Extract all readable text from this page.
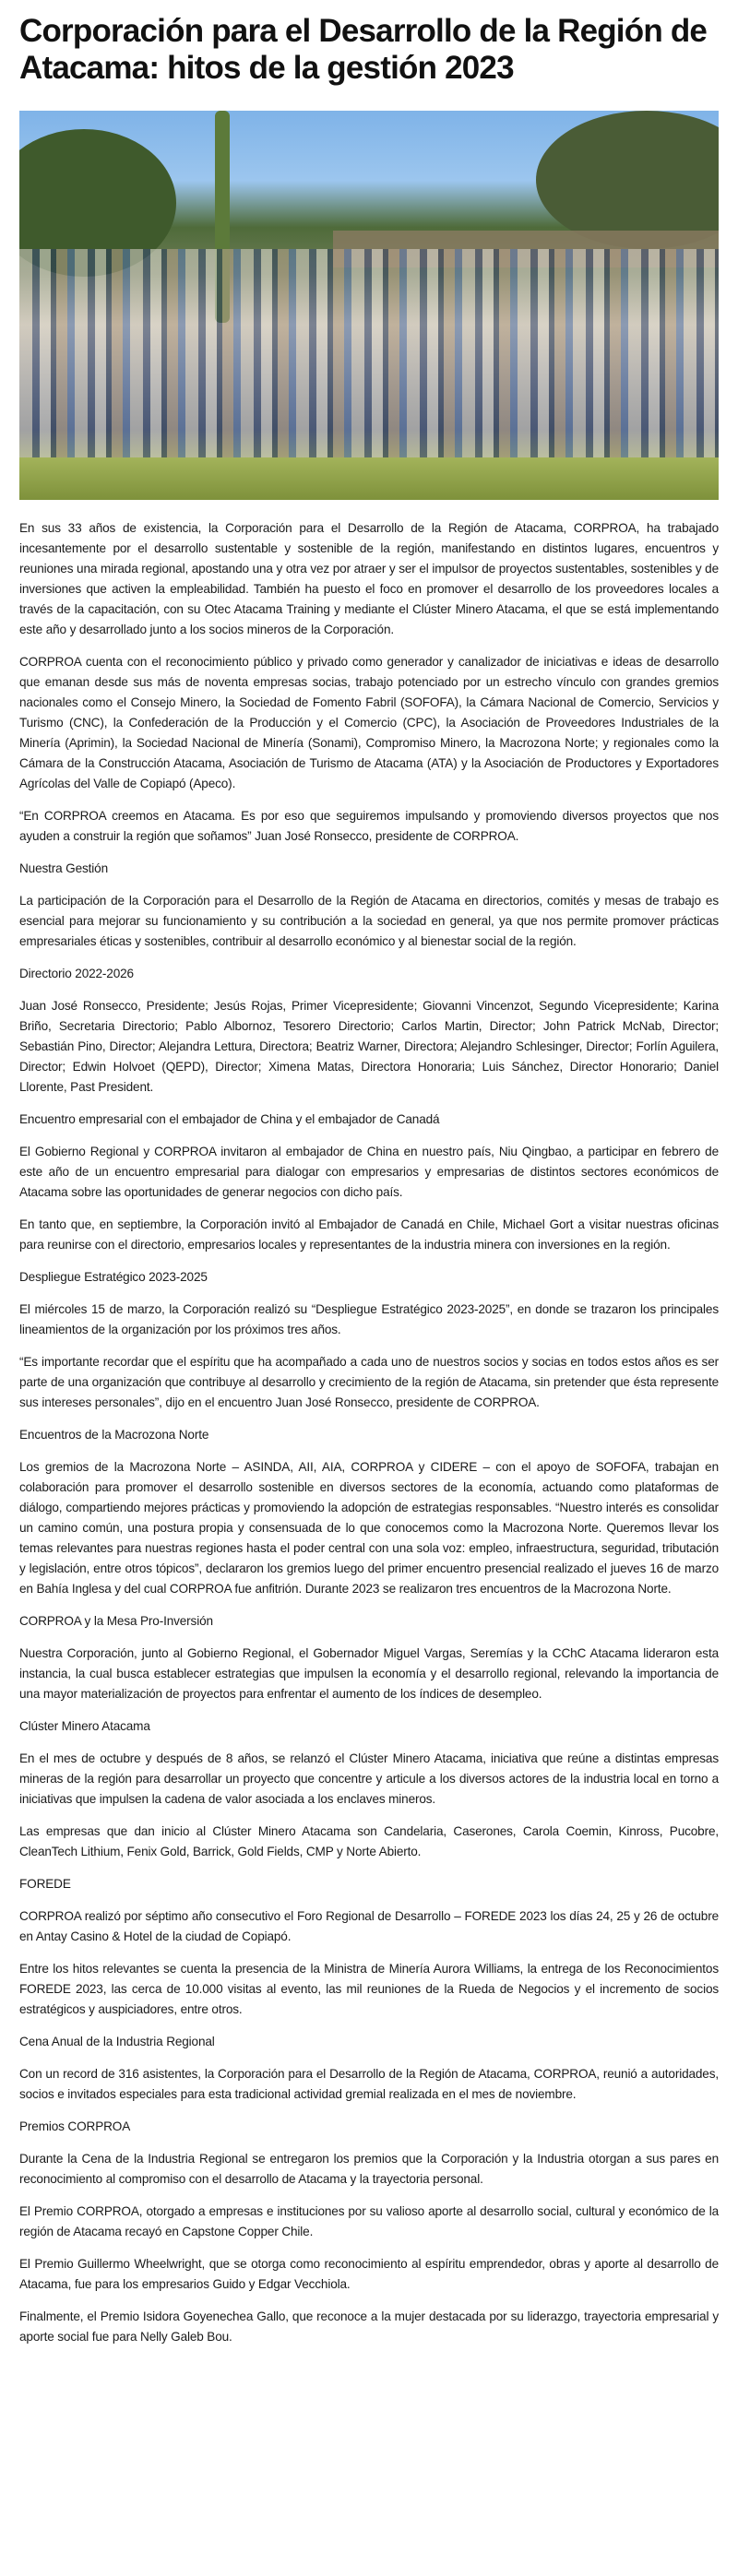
Corporación para el Desarrollo de la Región de Atacama: hitos de la gestión 2023

En sus 33 años de existencia, la Corporación para el Desarrollo de la Región de Atacama, CORPROA, ha trabajado incesantemente por el desarrollo sustentable y sostenible de la región, manifestando en distintos lugares, encuentros y reuniones una mirada regional, apostando una y otra vez por atraer y ser el impulsor de proyectos sustentables, sostenibles y de inversiones que activen la empleabilidad. También ha puesto el foco en promover el desarrollo de los proveedores locales a través de la capacitación, con su Otec Atacama Training y mediante el Clúster Minero Atacama, el que se está implementando este año y desarrollado junto a los socios mineros de la Corporación.

CORPROA cuenta con el reconocimiento público y privado como generador y canalizador de iniciativas e ideas de desarrollo que emanan desde sus más de noventa empresas socias, trabajo potenciado por un estrecho vínculo con grandes gremios nacionales como el Consejo Minero, la Sociedad de Fomento Fabril (SOFOFA), la Cámara Nacional de Comercio, Servicios y Turismo (CNC), la Confederación de la Producción y el Comercio (CPC), la Asociación de Proveedores Industriales de la Minería (Aprimin), la Sociedad Nacional de Minería (Sonami), Compromiso Minero, la Macrozona Norte; y regionales como la Cámara de la Construcción Atacama, Asociación de Turismo de Atacama (ATA) y la Asociación de Productores y Exportadores Agrícolas del Valle de Copiapó (Apeco).

“En CORPROA creemos en Atacama. Es por eso que seguiremos impulsando y promoviendo diversos proyectos que nos ayuden a construir la región que soñamos” Juan José Ronsecco, presidente de CORPROA.

Nuestra Gestión

La participación de la Corporación para el Desarrollo de la Región de Atacama en directorios, comités y mesas de trabajo es esencial para mejorar su funcionamiento y su contribución a la sociedad en general, ya que nos permite promover prácticas empresariales éticas y sostenibles, contribuir al desarrollo económico y al bienestar social de la región.

Directorio 2022-2026

Juan José Ronsecco, Presidente; Jesús Rojas, Primer Vicepresidente; Giovanni Vincenzot, Segundo Vicepresidente; Karina Briño, Secretaria Directorio; Pablo Albornoz, Tesorero Directorio; Carlos Martin, Director; John Patrick McNab, Director; Sebastián Pino, Director; Alejandra Lettura, Directora; Beatriz Warner, Directora; Alejandro Schlesinger, Director; Forlín Aguilera, Director; Edwin Holvoet (QEPD), Director; Ximena Matas, Directora Honoraria; Luis Sánchez, Director Honorario; Daniel Llorente, Past President.

Encuentro empresarial con el embajador de China y el embajador de Canadá

El Gobierno Regional y CORPROA invitaron al embajador de China en nuestro país, Niu Qingbao, a participar en febrero de este año de un encuentro empresarial para dialogar con empresarios y empresarias de distintos sectores económicos de Atacama sobre las oportunidades de generar negocios con dicho país.

En tanto que, en septiembre, la Corporación invitó al Embajador de Canadá en Chile, Michael Gort a visitar nuestras oficinas para reunirse con el directorio, empresarios locales y representantes de la industria minera con inversiones en la región.

Despliegue Estratégico 2023-2025

El miércoles 15 de marzo, la Corporación realizó su “Despliegue Estratégico 2023-2025”, en donde se trazaron los principales lineamientos de la organización por los próximos tres años.

“Es importante recordar que el espíritu que ha acompañado a cada uno de nuestros socios y socias en todos estos años es ser parte de una organización que contribuye al desarrollo y crecimiento de la región de Atacama, sin pretender que ésta represente sus intereses personales”, dijo en el encuentro Juan José Ronsecco, presidente de CORPROA.

Encuentros de la Macrozona Norte

Los gremios de la Macrozona Norte – ASINDA, AII, AIA, CORPROA y CIDERE – con el apoyo de SOFOFA, trabajan en colaboración para promover el desarrollo sostenible en diversos sectores de la economía, actuando como plataformas de diálogo, compartiendo mejores prácticas y promoviendo la adopción de estrategias responsables. “Nuestro interés es consolidar un camino común, una postura propia y consensuada de lo que conocemos como la Macrozona Norte. Queremos llevar los temas relevantes para nuestras regiones hasta el poder central con una sola voz: empleo, infraestructura, seguridad, tributación y legislación, entre otros tópicos”, declararon los gremios luego del primer encuentro presencial realizado el jueves 16 de marzo en Bahía Inglesa y del cual CORPROA fue anfitrión. Durante 2023 se realizaron tres encuentros de la Macrozona Norte.

CORPROA y la Mesa Pro-Inversión

Nuestra Corporación, junto al Gobierno Regional, el Gobernador Miguel Vargas, Seremías y la CChC Atacama lideraron esta instancia, la cual busca establecer estrategias que impulsen la economía y el desarrollo regional, relevando la importancia de una mayor materialización de proyectos para enfrentar el aumento de los índices de desempleo.

Clúster Minero Atacama

En el mes de octubre y después de 8 años, se relanzó el Clúster Minero Atacama, iniciativa que reúne a distintas empresas mineras de la región para desarrollar un proyecto que concentre y articule a los diversos actores de la industria local en torno a iniciativas que impulsen la cadena de valor asociada a los enclaves mineros.

Las empresas que dan inicio al Clúster Minero Atacama son Candelaria, Caserones, Carola Coemin, Kinross, Pucobre, CleanTech Lithium, Fenix Gold, Barrick, Gold Fields, CMP y Norte Abierto.

FOREDE

CORPROA realizó por séptimo año consecutivo el Foro Regional de Desarrollo – FOREDE 2023 los días 24, 25 y 26 de octubre en Antay Casino & Hotel de la ciudad de Copiapó.

Entre los hitos relevantes se cuenta la presencia de la Ministra de Minería Aurora Williams, la entrega de los Reconocimientos FOREDE 2023, las cerca de 10.000 visitas al evento, las mil reuniones de la Rueda de Negocios y el incremento de socios estratégicos y auspiciadores, entre otros.

Cena Anual de la Industria Regional

Con un record de 316 asistentes, la Corporación para el Desarrollo de la Región de Atacama, CORPROA, reunió a autoridades, socios e invitados especiales para esta tradicional actividad gremial realizada en el mes de noviembre.

Premios CORPROA

Durante la Cena de la Industria Regional se entregaron los premios que la Corporación y la Industria otorgan a sus pares en reconocimiento al compromiso con el desarrollo de Atacama y la trayectoria personal.

El Premio CORPROA, otorgado a empresas e instituciones por su valioso aporte al desarrollo social, cultural y económico de la región de Atacama recayó en Capstone Copper Chile.

El Premio Guillermo Wheelwright, que se otorga como reconocimiento al espíritu emprendedor, obras y aporte al desarrollo de Atacama, fue para los empresarios Guido y Edgar Vecchiola.

Finalmente, el Premio Isidora Goyenechea Gallo, que reconoce a la mujer destacada por su liderazgo, trayectoria empresarial y aporte social fue para Nelly Galeb Bou.
